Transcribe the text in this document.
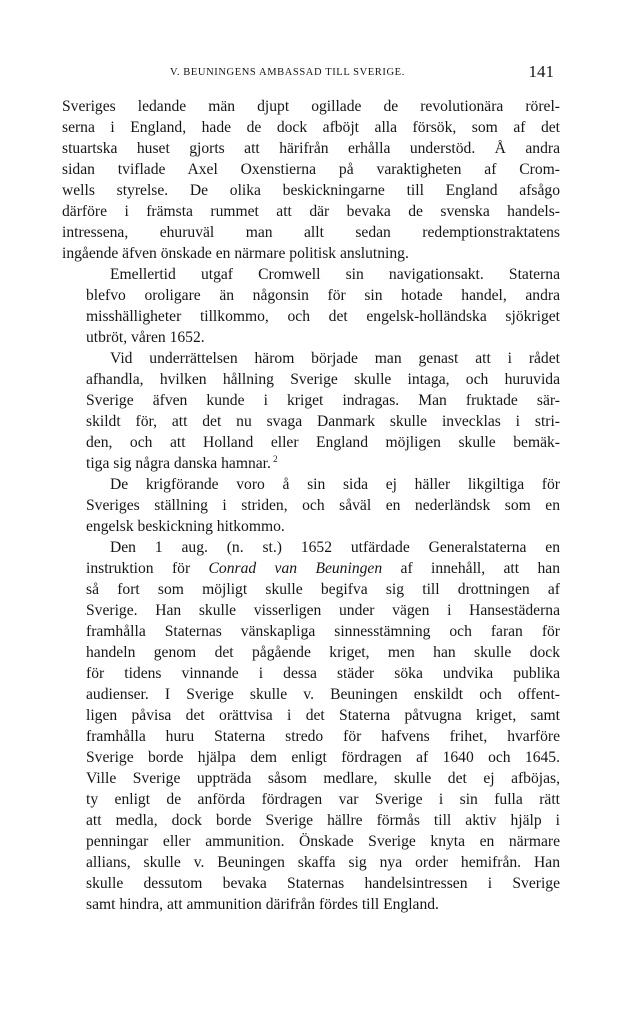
V. BEUNINGENS AMBASSAD TILL SVERIGE.	141

Sveriges ledande män djupt ogillade de revolutionära rörel-
serna i England, hade de dock afböjt alla försök, som af det
stuartska huset gjorts att härifrån erhålla understöd. Å andra
sidan tviflade Axel Oxenstierna på varaktigheten af Crom-
wells styrelse. De olika beskickningarne till England afsågo
därföre i främsta rummet att där bevaka de svenska handels-
intressena, ehuruväl man allt sedan redemptionstraktatens
ingående äfven önskade en närmare politisk anslutning.

Emellertid utgaf Cromwell sin navigationsakt. Staterna
blefvo oroligare än någonsin för sin hotade handel, andra
misshälligheter tillkommo, och det engelsk-holländska sjökriget
utbröt, våren 1652.

Vid underrättelsen härom började man genast att i rådet
afhandla, hvilken hållning Sverige skulle intaga, och huruvida
Sverige äfven kunde i kriget indragas. Man fruktade sär-
skildt för, att det nu svaga Danmark skulle invecklas i stri-
den, och att Holland eller England möjligen skulle bemäk-
tiga sig några danska hamnar. $^2$

De krigförande voro å sin sida ej häller likgiltiga för
Sveriges ställning i striden, och såväl en nederländsk som en
engelsk beskickning hitkommo.

Den 1 aug. (n. st.) 1652 utfärdade Generalstaterna en
instruktion för Conrad van Beuningen af innehåll, att han
så fort som möjligt skulle begifva sig till drottningen af
Sverige. Han skulle visserligen under vägen i Hansestäderna
framhålla Staternas vänskapliga sinnesstämning och faran för
handeln genom det pågående kriget, men han skulle dock
för tidens vinnande i dessa städer söka undvika publika
audienser. I Sverige skulle v. Beuningen enskildt och offent-
ligen påvisa det orättvisa i det Staterna påtvugna kriget, samt
framhålla huru Staterna stredo för hafvens frihet, hvarföre
Sverige borde hjälpa dem enligt fördragen af 1640 och 1645.
Ville Sverige uppträda såsom medlare, skulle det ej afböjas,
ty enligt de anförda fördragen var Sverige i sin fulla rätt
att medla, dock borde Sverige hällre förmås till aktiv hjälp i
penningar eller ammunition. Önskade Sverige knyta en närmare
allians, skulle v. Beuningen skaffa sig nya order hemifrån. Han
skulle dessutom bevaka Staternas handelsintressen i Sverige
samt hindra, att ammunition därifrån fördes till England.
